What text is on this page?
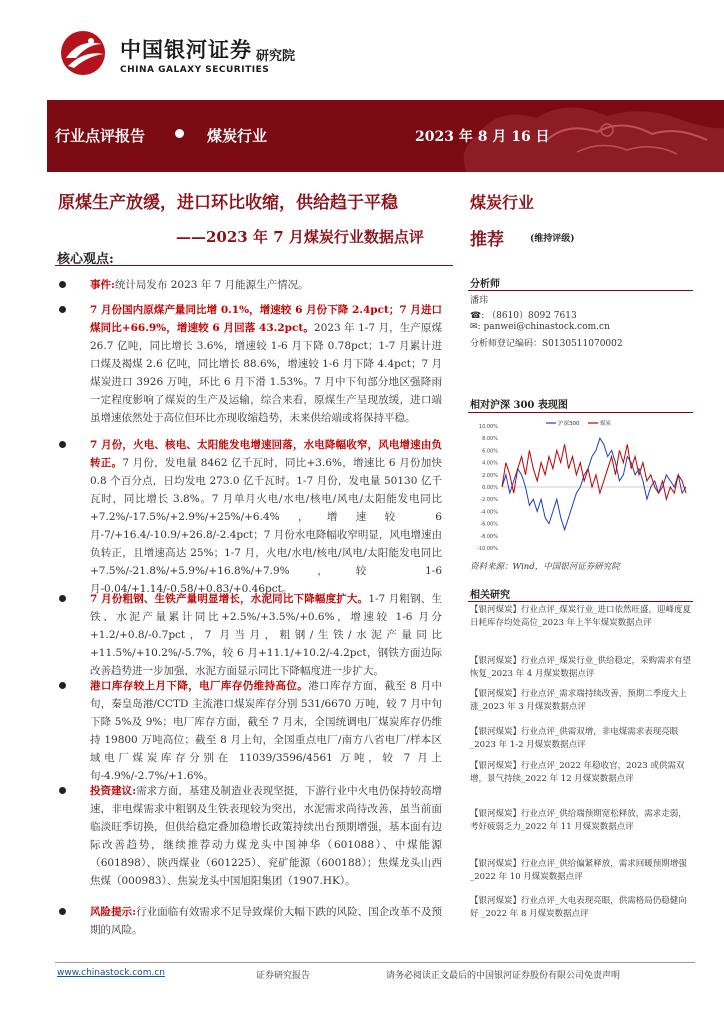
中国银河证券
CHINA GALAXY SECURITIES
研究院
行业点评报告	煤炭行业	2023 年 8 月 16 日
原煤生产放缓，进口环比收缩，供给趋于平稳
——2023 年 7 月煤炭行业数据点评
核心观点:
事件:统计局发布 2023 年 7 月能源生产情况。
7 月份国内原煤产量同比增 0.1%，增速较 6 月份下降 2.4pct；7 月进口煤同比+66.9%，增速较 6 月回落 43.2pct。2023 年 1-7 月，生产原煤 26.7 亿吨，同比增长 3.6%，增速较 1-6 月下降 0.78pct；1-7 月累计进口煤及褐煤 2.6 亿吨，同比增长 88.6%，增速较 1-6 月下降 4.4pct；7 月煤炭进口 3926 万吨，环比 6 月下滑 1.53%。7 月中下旬部分地区强降雨一定程度影响了煤炭的生产及运输，综合来看，原煤生产呈现放缓，进口端虽增速依然处于高位但环比亦现收缩趋势，未来供给端或将保持平稳。
7 月份，火电、核电、太阳能发电增速回落，水电降幅收窄，风电增速由负转正。7 月份，发电量 8462 亿千瓦时，同比+3.6%，增速比 6 月份加快 0.8 个百分点，日均发电 273.0 亿千瓦时。1-7 月份，发电量 50130 亿千瓦时，同比增长 3.8%。7 月单月火电/水电/核电/风电/太阳能发电同比+7.2%/-17.5%/+2.9%/+25%/+6.4%，增速较 6 月-7/+16.4/-10.9/+26.8/-2.4pct；7 月份水电降幅收窄明显，风电增速由负转正，且增速高达 25%；1-7 月，火电/水电/核电/风电/太阳能发电同比+7.5%/-21.8%/+5.9%/+16.8%/+7.9%，较 1-6 月-0.04/+1.14/-0.58/+0.83/+0.46pct。
7 月份粗钢、生铁产量明显增长，水泥同比下降幅度扩大。1-7 月粗钢、生铁、水泥产量累计同比+2.5%/+3.5%/+0.6%，增速较 1-6 月分+1.2/+0.8/-0.7pct，7 月当月，粗钢/生铁/水泥产量同比+11.5%/+10.2%/-5.7%，较 6 月+11.1/+10.2/-4.2pct，钢铁方面边际改善趋势进一步加强，水泥方面显示同比下降幅度进一步扩大。
港口库存较上月下降，电厂库存仍维持高位。港口库存方面，截至 8 月中旬，秦皇岛港/CCTD 主流港口煤炭库存分别 531/6670 万吨，较 7 月中旬下降 5%及 9%；电厂库存方面，截至 7 月末，全国统调电厂煤炭库存仍维持 19800 万吨高位；截至 8 月上旬，全国重点电厂/南方八省电厂/样本区域电厂煤炭库存分别在 11039/3596/4561 万吨，较 7 月上旬-4.9%/-2.7%/+1.6%。
投资建议:需求方面，基建及制造业表现坚挺，下游行业中火电仍保持较高增速，非电煤需求中粗钢及生铁表现较为突出，水泥需求尚待改善，虽当前面临淡旺季切换，但供给稳定叠加稳增长政策持续出台预期增强，基本面有边际改善趋势，继续推荐动力煤龙头中国神华（601088）、中煤能源（601898）、陕西煤业（601225）、兖矿能源（600188）；焦煤龙头山西焦煤（000983）、焦炭龙头中国旭阳集团（1907.HK）。
风险提示:行业面临有效需求不足导致煤价大幅下跌的风险、国企改革不及预期的风险。
煤炭行业
推荐	(维持评级)
分析师
潘玮
☎: （8610）8092 7613
✉: panwei@chinastock.com.cn
分析师登记编码：S0130511070002
相对沪深 300 表现图
10.00%
8.00%
6.00%
4.00%
2.00%
0.00%
-2.00%
-4.00%
-6.00%
-8.00%
-10.00%
沪深300	煤炭
资料来源：Wind，中国银河证券研究院
相关研究
【银河煤炭】行业点评_煤炭行业_进口依然旺盛，迎峰度夏日耗库存均处高位_2023 年上半年煤炭数据点评
【银河煤炭】行业点评_煤炭行业_供给稳定，采购需求有望恢复_2023 年 4 月煤炭数据点评
【银河煤炭】行业点评_需求端持续改善，预期二季度大上涨_2023 年 3 月煤炭数据点评
【银河煤炭】行业点评_供需双增，非电煤需求表现亮眼 _2023 年 1-2 月煤炭数据点评
【银河煤炭】行业点评_2022 年稳收官，2023 或供需双增，景气持续_2022 年 12 月煤炭数据点评
【银河煤炭】行业点评_供给端预期宽松释放，需求走弱，考好疲弱乏力_2022 年 11 月煤炭数据点评
【银河煤炭】行业点评_供给偏紧释放，需求回暖预期增强 _2022 年 10 月煤炭数据点评
【银河煤炭】行业点评_大电表现亮眼，供需格局仍稳健向好 _2022 年 8 月煤炭数据点评
www.chinastock.com.cn	证券研究报告	请务必阅读正文最后的中国银河证券股份有限公司免责声明
